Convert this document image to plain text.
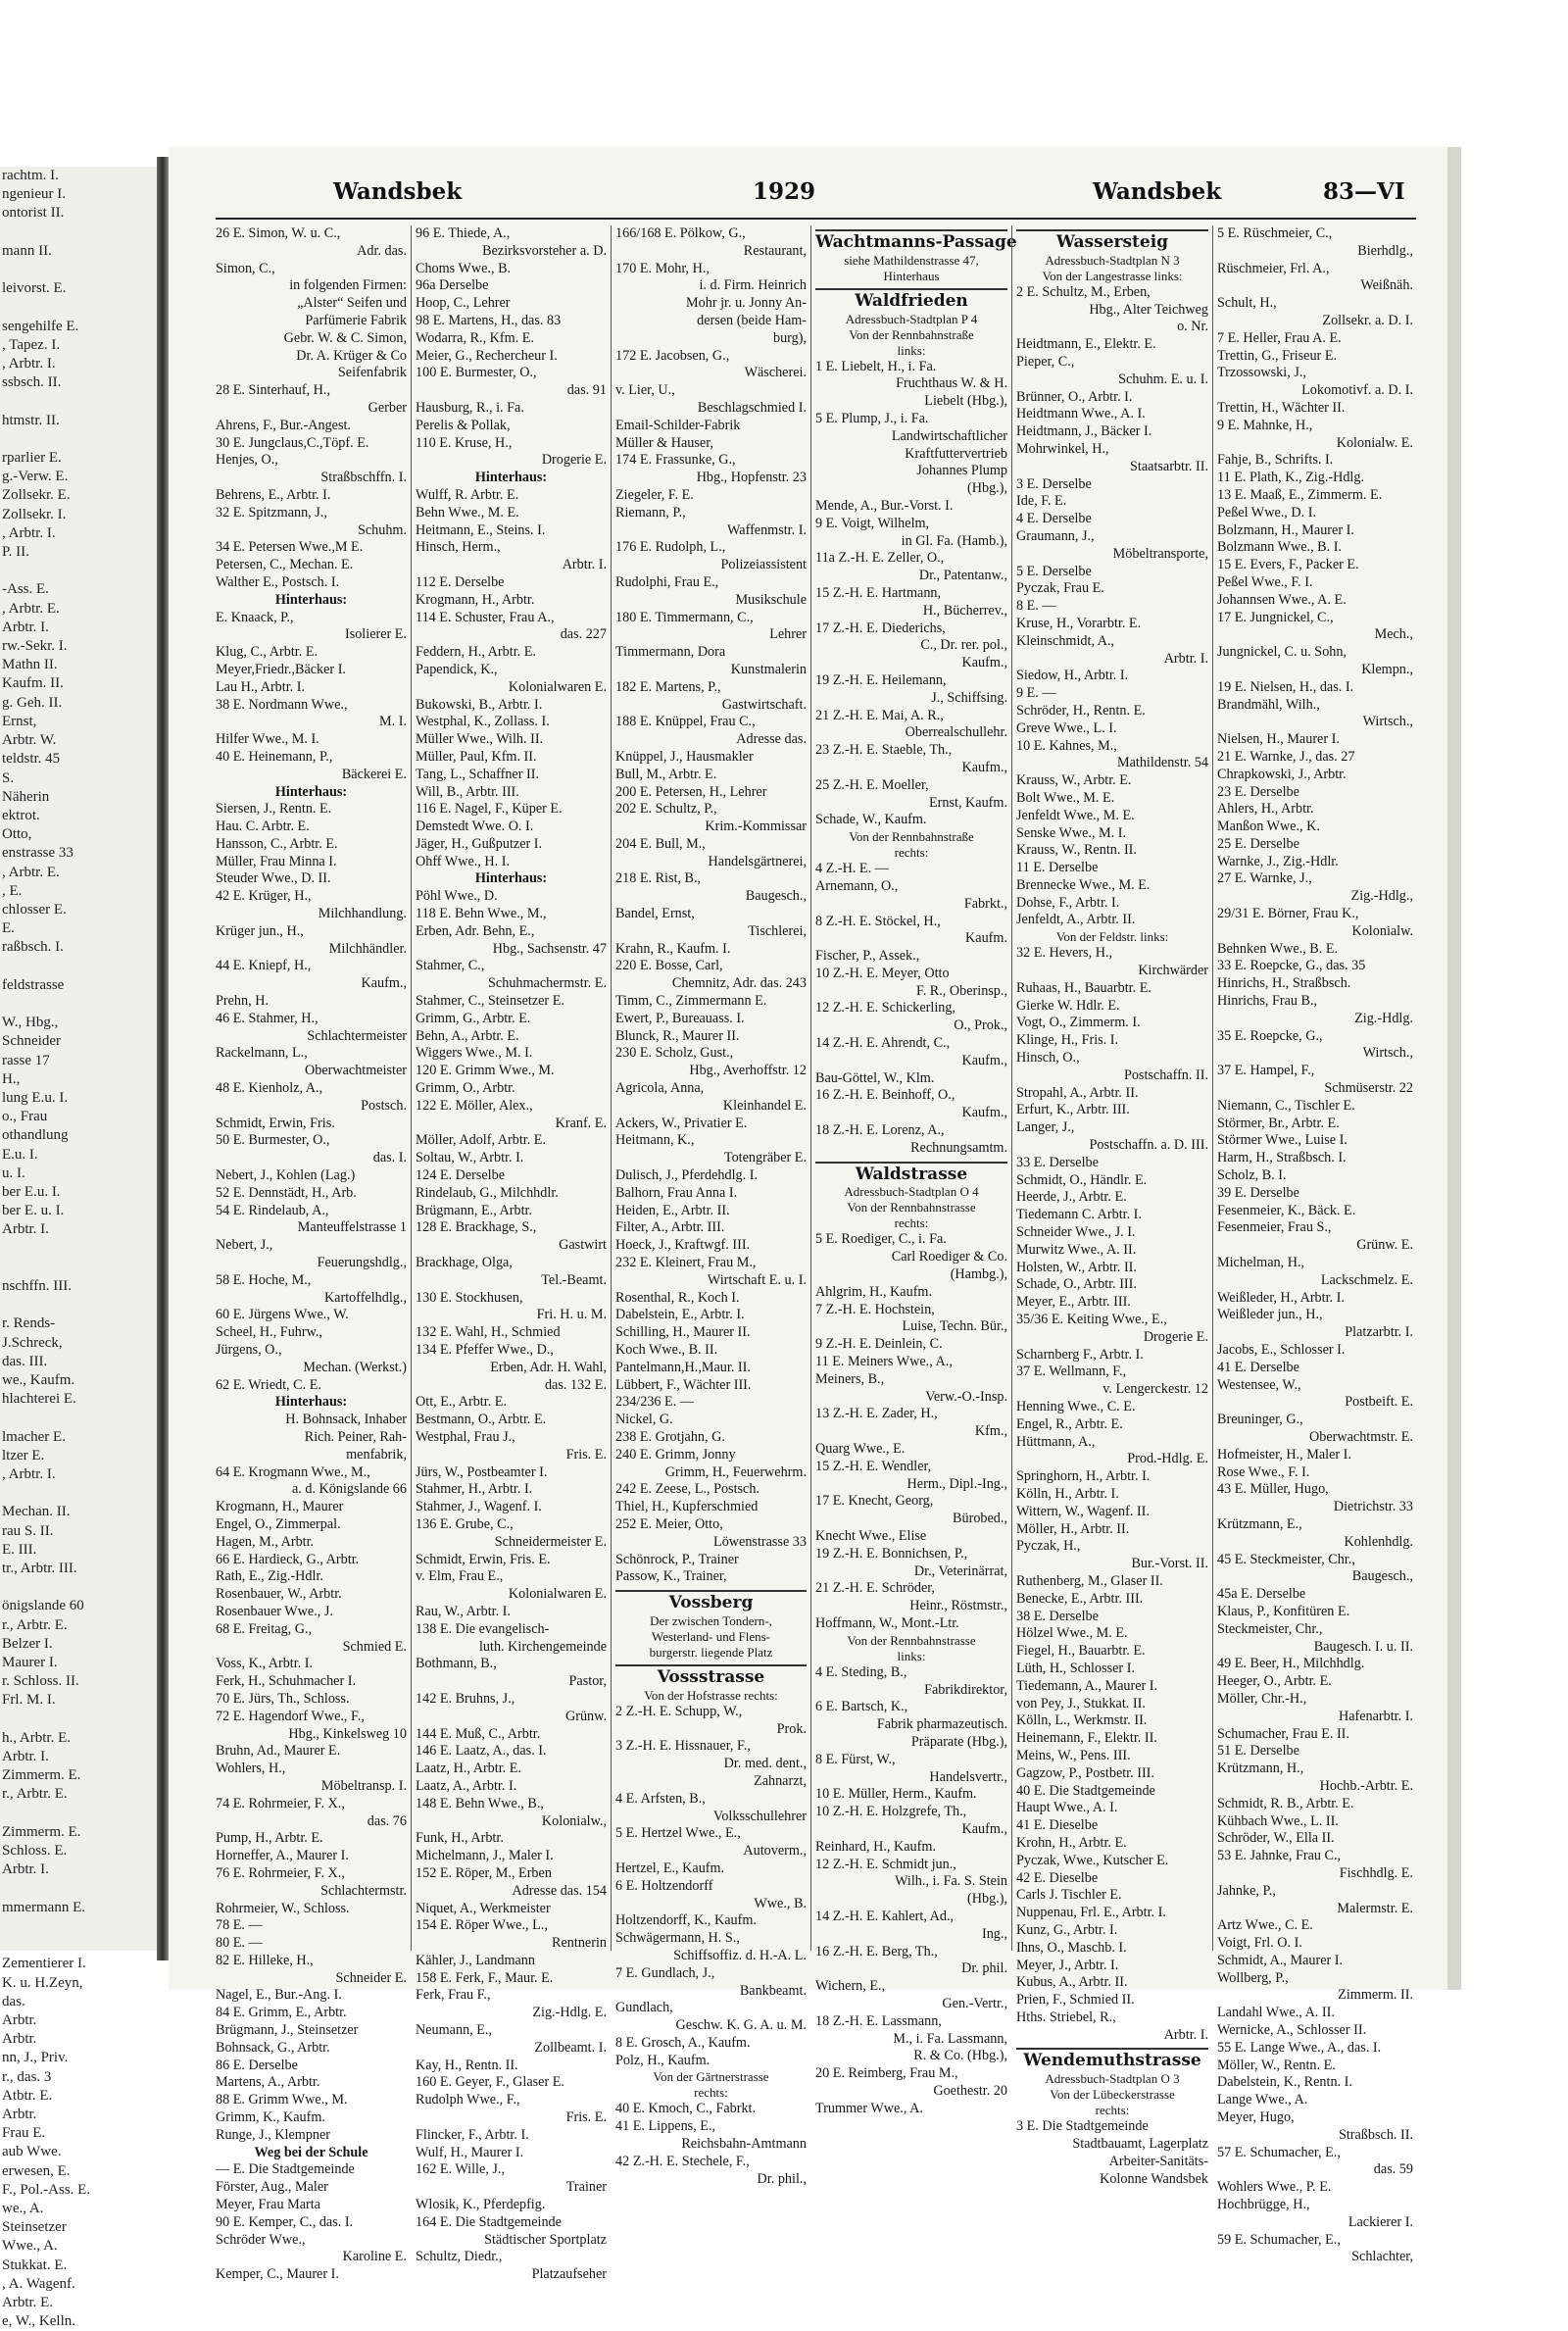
rachtm. I.
ngenieur I.
ontorist II.

mann II.

leivorst. E.

sengehilfe E.
, Tapez. I.
, Arbtr. I.
ssbsch. II.

htmstr. II.

rparlier E.
g.-Verw. E.
Zollsekr. E.
Zollsekr. I.
, Arbtr. I.
P. II.

-Ass. E.
, Arbtr. E.
Arbtr. I.
rw.-Sekr. I.
Mathn II.
Kaufm. II.
g. Geh. II.
Ernst,
Arbtr. W.
teldstr. 45
S.
Näherin
ektrot.
Otto,
enstrasse 33
, Arbtr. E.
, E.
chlosser E.
E.
raßbsch. I.

feldstrasse

W., Hbg.,
Schneider
rasse 17
H.,
lung E.u. I.
o., Frau
othandlung
E.u. I.
u. I.
ber E.u. I.
ber E. u. I.
Arbtr. I.

nschffn. III.

r. Rends-
J.Schreck,
das. III.
we., Kaufm.
hlachterei E.

lmacher E.
ltzer E.
, Arbtr. I.

Mechan. II.
rau S. II.
E. III.
tr., Arbtr. III.

önigslande 60
r., Arbtr. E.
Belzer I.
Maurer I.
r. Schloss. II.
Frl. M. I.

h., Arbtr. E.
Arbtr. I.
Zimmerm. E.
r., Arbtr. E.

Zimmerm. E.
Schloss. E.
Arbtr. I.

mmermann E.

Zementierer I.
K. u. H.Zeyn,
das.
Arbtr.
Arbtr.
nn, J., Priv.
r., das. 3
Atbtr. E.
Arbtr.
Frau E.
aub Wwe.
erwesen, E.
F., Pol.-Ass. E.
we., A.
Steinsetzer
Wwe., A.
Stukkat. E.
, A. Wagenf.
Arbtr. E.
e, W., Kelln.
Wandsbek	1929	Wandsbek	83—VI
26 E. Simon, W. u. C.,
Adr. das.
Simon, C.,
in folgenden Firmen:
„Alster“ Seifen und
Parfümerie Fabrik
Gebr. W. & C. Simon,
Dr. A. Krüger & Co
Seifenfabrik
28 E. Sinterhauf, H.,
Gerber
Ahrens, F., Bur.-Angest.
30 E. Jungclaus,C.,Töpf. E.
Henjes, O.,
Straßbschffn. I.
Behrens, E., Arbtr. I.
32 E. Spitzmann, J.,
Schuhm.
34 E. Petersen Wwe.,M E.
Petersen, C., Mechan. E.
Walther E., Postsch. I.
Hinterhaus:
E. Knaack, P.,
Isolierer E.
Klug, C., Arbtr. E.
Meyer,Friedr.,Bäcker I.
Lau H., Arbtr. I.
38 E. Nordmann Wwe.,
M. I.
Hilfer Wwe., M. I.
40 E. Heinemann, P.,
Bäckerei E.
Hinterhaus:
Siersen, J., Rentn. E.
Hau. C. Arbtr. E.
Hansson, C., Arbtr. E.
Müller, Frau Minna I.
Steuder Wwe., D. II.
42 E. Krüger, H.,
Milchhandlung.
Krüger jun., H.,
Milchhändler.
44 E. Kniepf, H.,
Kaufm.,
Prehn, H.
46 E. Stahmer, H.,
Schlachtermeister
Rackelmann, L.,
Oberwachtmeister
48 E. Kienholz, A.,
Postsch.
Schmidt, Erwin, Fris.
50 E. Burmester, O.,
das. I.
Nebert, J., Kohlen (Lag.)
52 E. Dennstädt, H., Arb.
54 E. Rindelaub, A.,
Manteuffelstrasse 1
Nebert, J.,
Feuerungshdlg.,
58 E. Hoche, M.,
Kartoffelhdlg.,
60 E. Jürgens Wwe., W.
Scheel, H., Fuhrw.,
Jürgens, O.,
Mechan. (Werkst.)
62 E. Wriedt, C. E.
Hinterhaus:
H. Bohnsack, Inhaber
Rich. Peiner, Rah-
menfabrik,
64 E. Krogmann Wwe., M.,
a. d. Königslande 66
Krogmann, H., Maurer
Engel, O., Zimmerpal.
Hagen, M., Arbtr.
66 E. Hardieck, G., Arbtr.
Rath, E., Zig.-Hdlr.
Rosenbauer, W., Arbtr.
Rosenbauer Wwe., J.
68 E. Freitag, G.,
Schmied E.
Voss, K., Arbtr. I.
Ferk, H., Schuhmacher I.
70 E. Jürs, Th., Schloss.
72 E. Hagendorf Wwe., F.,
Hbg., Kinkelsweg 10
Bruhn, Ad., Maurer E.
Wohlers, H.,
Möbeltransp. I.
74 E. Rohrmeier, F. X.,
das. 76
Pump, H., Arbtr. E.
Horneffer, A., Maurer I.
76 E. Rohrmeier, F. X.,
Schlachtermstr.
Rohrmeier, W., Schloss.
78 E. —
80 E. —
82 E. Hilleke, H.,
Schneider E.
Nagel, E., Bur.-Ang. I.
84 E. Grimm, E., Arbtr.
Brügmann, J., Steinsetzer
Bohnsack, G., Arbtr.
86 E. Derselbe
Martens, A., Arbtr.
88 E. Grimm Wwe., M.
Grimm, K., Kaufm.
Runge, J., Klempner
Weg bei der Schule
— E. Die Stadtgemeinde
Förster, Aug., Maler
Meyer, Frau Marta
90 E. Kemper, C., das. I.
Schröder Wwe.,
Karoline E.
Kemper, C., Maurer I.
96 E. Thiede, A.,
Bezirksvorsteher a. D.
Choms Wwe., B.
96a Derselbe
Hoop, C., Lehrer
98 E. Martens, H., das. 83
Wodarra, R., Kfm. E.
Meier, G., Rechercheur I.
100 E. Burmester, O.,
das. 91
Hausburg, R., i. Fa.
Perelis & Pollak,
110 E. Kruse, H.,
Drogerie E.
Hinterhaus:
Wulff, R. Arbtr. E.
Behn Wwe., M. E.
Heitmann, E., Steins. I.
Hinsch, Herm.,
Arbtr. I.
112 E. Derselbe
Krogmann, H., Arbtr.
114 E. Schuster, Frau A.,
das. 227
Feddern, H., Arbtr. E.
Papendick, K.,
Kolonialwaren E.
Bukowski, B., Arbtr. I.
Westphal, K., Zollass. I.
Müller Wwe., Wilh. II.
Müller, Paul, Kfm. II.
Tang, L., Schaffner II.
Will, B., Arbtr. III.
116 E. Nagel, F., Küper E.
Demstedt Wwe. O. I.
Jäger, H., Gußputzer I.
Ohff Wwe., H. I.
Hinterhaus:
Pöhl Wwe., D.
118 E. Behn Wwe., M.,
Erben, Adr. Behn, E.,
Hbg., Sachsenstr. 47
Stahmer, C.,
Schuhmachermstr. E.
Stahmer, C., Steinsetzer E.
Grimm, G., Arbtr. E.
Behn, A., Arbtr. E.
Wiggers Wwe., M. I.
120 E. Grimm Wwe., M.
Grimm, O., Arbtr.
122 E. Möller, Alex.,
Kranf. E.
Möller, Adolf, Arbtr. E.
Soltau, W., Arbtr. I.
124 E. Derselbe
Rindelaub, G., Milchhdlr.
Brügmann, E., Arbtr.
128 E. Brackhage, S.,
Gastwirt
Brackhage, Olga,
Tel.-Beamt.
130 E. Stockhusen,
Fri. H. u. M.
132 E. Wahl, H., Schmied
134 E. Pfeffer Wwe., D.,
Erben, Adr. H. Wahl,
das. 132 E.
Ott, E., Arbtr. E.
Bestmann, O., Arbtr. E.
Westphal, Frau J.,
Fris. E.
Jürs, W., Postbeamter I.
Stahmer, H., Arbtr. I.
Stahmer, J., Wagenf. I.
136 E. Grube, C.,
Schneidermeister E.
Schmidt, Erwin, Fris. E.
v. Elm, Frau E.,
Kolonialwaren E.
Rau, W., Arbtr. I.
138 E. Die evangelisch-
luth. Kirchengemeinde
Bothmann, B.,
Pastor,
142 E. Bruhns, J.,
Grünw.
144 E. Muß, C., Arbtr.
146 E. Laatz, A., das. I.
Laatz, H., Arbtr. E.
Laatz, A., Arbtr. I.
148 E. Behn Wwe., B.,
Kolonialw.,
Funk, H., Arbtr.
Michelmann, J., Maler I.
152 E. Röper, M., Erben
Adresse das. 154
Niquet, A., Werkmeister
154 E. Röper Wwe., L.,
Rentnerin
Kähler, J., Landmann
158 E. Ferk, F., Maur. E.
Ferk, Frau F.,
Zig.-Hdlg. E.
Neumann, E.,
Zollbeamt. I.
Kay, H., Rentn. II.
160 E. Geyer, F., Glaser E.
Rudolph Wwe., F.,
Fris. E.
Flincker, F., Arbtr. I.
Wulf, H., Maurer I.
162 E. Wille, J.,
Trainer
Wlosik, K., Pferdepfig.
164 E. Die Stadtgemeinde
Städtischer Sportplatz
Schultz, Diedr.,
Platzaufseher
166/168 E. Pölkow, G.,
Restaurant,
170 E. Mohr, H.,
i. d. Firm. Heinrich
Mohr jr. u. Jonny An-
dersen (beide Ham-
burg),
172 E. Jacobsen, G.,
Wäscherei.
v. Lier, U.,
Beschlagschmied I.
Email-Schilder-Fabrik
Müller & Hauser,
174 E. Frassunke, G.,
Hbg., Hopfenstr. 23
Ziegeler, F. E.
Riemann, P.,
Waffenmstr. I.
176 E. Rudolph, L.,
Polizeiassistent
Rudolphi, Frau E.,
Musikschule
180 E. Timmermann, C.,
Lehrer
Timmermann, Dora
Kunstmalerin
182 E. Martens, P.,
Gastwirtschaft.
188 E. Knüppel, Frau C.,
Adresse das.
Knüppel, J., Hausmakler
Bull, M., Arbtr. E.
200 E. Petersen, H., Lehrer
202 E. Schultz, P.,
Krim.-Kommissar
204 E. Bull, M.,
Handelsgärtnerei,
218 E. Rist, B.,
Baugesch.,
Bandel, Ernst,
Tischlerei,
Krahn, R., Kaufm. I.
220 E. Bosse, Carl,
Chemnitz, Adr. das. 243
Timm, C., Zimmermann E.
Ewert, P., Bureauass. I.
Blunck, R., Maurer II.
230 E. Scholz, Gust.,
Hbg., Averhoffstr. 12
Agricola, Anna,
Kleinhandel E.
Ackers, W., Privatier E.
Heitmann, K.,
Totengräber E.
Dulisch, J., Pferdehdlg. I.
Balhorn, Frau Anna I.
Heiden, E., Arbtr. II.
Filter, A., Arbtr. III.
Hoeck, J., Kraftwgf. III.
232 E. Kleinert, Frau M.,
Wirtschaft E. u. I.
Rosenthal, R., Koch I.
Dabelstein, E., Arbtr. I.
Schilling, H., Maurer II.
Koch Wwe., B. II.
Pantelmann,H.,Maur. II.
Lübbert, F., Wächter III.
234/236 E. —
Nickel, G.
238 E. Grotjahn, G.
240 E. Grimm, Jonny
Grimm, H., Feuerwehrm.
242 E. Zeese, L., Postsch.
Thiel, H., Kupferschmied
252 E. Meier, Otto,
Löwenstrasse 33
Schönrock, P., Trainer
Passow, K., Trainer,
Vossberg
Der zwischen Tondern-,
Westerland- und Flens-
burgerstr. liegende Platz
Vossstrasse
Von der Hofstrasse rechts:
2 Z.-H. E. Schupp, W.,
Prok.
3 Z.-H. E. Hissnauer, F.,
Dr. med. dent.,
Zahnarzt,
4 E. Arfsten, B.,
Volksschullehrer
5 E. Hertzel Wwe., E.,
Autoverm.,
Hertzel, E., Kaufm.
6 E. Holtzendorff
Wwe., B.
Holtzendorff, K., Kaufm.
Schwägermann, H. S.,
Schiffsoffiz. d. H.-A. L.
7 E. Gundlach, J.,
Bankbeamt.
Gundlach,
Geschw. K. G. A. u. M.
8 E. Grosch, A., Kaufm.
Polz, H., Kaufm.
Von der Gärtnerstrasse
rechts:
40 E. Kmoch, C., Fabrkt.
41 E. Lippens, E.,
Reichsbahn-Amtmann
42 Z.-H. E. Stechele, F.,
Dr. phil.,
Wachtmanns-Passage
siehe Mathildenstrasse 47,
Hinterhaus
Waldfrieden
Adressbuch-Stadtplan P 4
Von der Rennbahnstraße
links:
1 E. Liebelt, H., i. Fa.
Fruchthaus W. & H.
Liebelt (Hbg.),
5 E. Plump, J., i. Fa.
Landwirtschaftlicher
Kraftfuttervertrieb
Johannes Plump
(Hbg.),
Mende, A., Bur.-Vorst. I.
9 E. Voigt, Wilhelm,
in Gl. Fa. (Hamb.),
11a Z.-H. E. Zeller, O.,
Dr., Patentanw.,
15 Z.-H. E. Hartmann,
H., Bücherrev.,
17 Z.-H. E. Diederichs,
C., Dr. rer. pol.,
Kaufm.,
19 Z.-H. E. Heilemann,
J., Schiffsing.
21 Z.-H. E. Mai, A. R.,
Oberrealschullehr.
23 Z.-H. E. Staeble, Th.,
Kaufm.,
25 Z.-H. E. Moeller,
Ernst, Kaufm.
Schade, W., Kaufm.
Von der Rennbahnstraße
rechts:
4 Z.-H. E. —
Arnemann, O.,
Fabrkt.,
8 Z.-H. E. Stöckel, H.,
Kaufm.
Fischer, P., Assek.,
10 Z.-H. E. Meyer, Otto
F. R., Oberinsp.,
12 Z.-H. E. Schickerling,
O., Prok.,
14 Z.-H. E. Ahrendt, C.,
Kaufm.,
Bau-Göttel, W., Klm.
16 Z.-H. E. Beinhoff, O.,
Kaufm.,
18 Z.-H. E. Lorenz, A.,
Rechnungsamtm.
Waldstrasse
Adressbuch-Stadtplan O 4
Von der Rennbahnstrasse
rechts:
5 E. Roediger, C., i. Fa.
Carl Roediger & Co.
(Hambg.),
Ahlgrim, H., Kaufm.
7 Z.-H. E. Hochstein,
Luise, Techn. Bür.,
9 Z.-H. E. Deinlein, C.
11 E. Meiners Wwe., A.,
Meiners, B.,
Verw.-O.-Insp.
13 Z.-H. E. Zader, H.,
Kfm.,
Quarg Wwe., E.
15 Z.-H. E. Wendler,
Herm., Dipl.-Ing.,
17 E. Knecht, Georg,
Bürobed.,
Knecht Wwe., Elise
19 Z.-H. E. Bonnichsen, P.,
Dr., Veterinärrat,
21 Z.-H. E. Schröder,
Heinr., Röstmstr.,
Hoffmann, W., Mont.-Ltr.
Von der Rennbahnstrasse
links:
4 E. Steding, B.,
Fabrikdirektor,
6 E. Bartsch, K.,
Fabrik pharmazeutisch.
Präparate (Hbg.),
8 E. Fürst, W.,
Handelsvertr.,
10 E. Müller, Herm., Kaufm.
10 Z.-H. E. Holzgrefe, Th.,
Kaufm.,
Reinhard, H., Kaufm.
12 Z.-H. E. Schmidt jun.,
Wilh., i. Fa. S. Stein
(Hbg.),
14 Z.-H. E. Kahlert, Ad.,
Ing.,
16 Z.-H. E. Berg, Th.,
Dr. phil.
Wichern, E.,
Gen.-Vertr.,
18 Z.-H. E. Lassmann,
M., i. Fa. Lassmann,
R. & Co. (Hbg.),
20 E. Reimberg, Frau M.,
Goethestr. 20
Trummer Wwe., A.
Wassersteig
Adressbuch-Stadtplan N 3
Von der Langestrasse links:
2 E. Schultz, M., Erben,
Hbg., Alter Teichweg
o. Nr.
Heidtmann, E., Elektr. E.
Pieper, C.,
Schuhm. E. u. I.
Brünner, O., Arbtr. I.
Heidtmann Wwe., A. I.
Heidtmann, J., Bäcker I.
Mohrwinkel, H.,
Staatsarbtr. II.
3 E. Derselbe
Ide, F. E.
4 E. Derselbe
Graumann, J.,
Möbeltransporte,
5 E. Derselbe
Pyczak, Frau E.
8 E. —
Kruse, H., Vorarbtr. E.
Kleinschmidt, A.,
Arbtr. I.
Siedow, H., Arbtr. I.
9 E. —
Schröder, H., Rentn. E.
Greve Wwe., L. I.
10 E. Kahnes, M.,
Mathildenstr. 54
Krauss, W., Arbtr. E.
Bolt Wwe., M. E.
Jenfeldt Wwe., M. E.
Senske Wwe., M. I.
Krauss, W., Rentn. II.
11 E. Derselbe
Brennecke Wwe., M. E.
Dohse, F., Arbtr. I.
Jenfeldt, A., Arbtr. II.
Von der Feldstr. links:
32 E. Hevers, H.,
Kirchwärder
Ruhaas, H., Bauarbtr. E.
Gierke W. Hdlr. E.
Vogt, O., Zimmerm. I.
Klinge, H., Fris. I.
Hinsch, O.,
Postschaffn. II.
Stropahl, A., Arbtr. II.
Erfurt, K., Arbtr. III.
Langer, J.,
Postschaffn. a. D. III.
33 E. Derselbe
Schmidt, O., Händlr. E.
Heerde, J., Arbtr. E.
Tiedemann C. Arbtr. I.
Schneider Wwe., J. I.
Murwitz Wwe., A. II.
Holsten, W., Arbtr. II.
Schade, O., Arbtr. III.
Meyer, E., Arbtr. III.
35/36 E. Keiting Wwe., E.,
Drogerie E.
Scharnberg F., Arbtr. I.
37 E. Wellmann, F.,
v. Lengerckestr. 12
Henning Wwe., C. E.
Engel, R., Arbtr. E.
Hüttmann, A.,
Prod.-Hdlg. E.
Springhorn, H., Arbtr. I.
Kölln, H., Arbtr. I.
Wittern, W., Wagenf. II.
Möller, H., Arbtr. II.
Pyczak, H.,
Bur.-Vorst. II.
Ruthenberg, M., Glaser II.
Benecke, E., Arbtr. III.
38 E. Derselbe
Hölzel Wwe., M. E.
Fiegel, H., Bauarbtr. E.
Lüth, H., Schlosser I.
Tiedemann, A., Maurer I.
von Pey, J., Stukkat. II.
Kölln, L., Werkmstr. II.
Heinemann, F., Elektr. II.
Meins, W., Pens. III.
Gagzow, P., Postbetr. III.
40 E. Die Stadtgemeinde
Haupt Wwe., A. I.
41 E. Dieselbe
Krohn, H., Arbtr. E.
Pyczak, Wwe., Kutscher E.
42 E. Dieselbe
Carls J. Tischler E.
Nuppenau, Frl. E., Arbtr. I.
Kunz, G., Arbtr. I.
Ihns, O., Maschb. I.
Meyer, J., Arbtr. I.
Kubus, A., Arbtr. II.
Prien, F., Schmied II.
Hths. Striebel, R.,
Arbtr. I.
Wendemuthstrasse
Adressbuch-Stadtplan O 3
Von der Lübeckerstrasse
rechts:
3 E. Die Stadtgemeinde
Stadtbauamt, Lagerplatz
Arbeiter-Sanitäts-
Kolonne Wandsbek
5 E. Rüschmeier, C.,
Bierhdlg.,
Rüschmeier, Frl. A.,
Weißnäh.
Schult, H.,
Zollsekr. a. D. I.
7 E. Heller, Frau A. E.
Trettin, G., Friseur E.
Trzossowski, J.,
Lokomotivf. a. D. I.
Trettin, H., Wächter II.
9 E. Mahnke, H.,
Kolonialw. E.
Fahje, B., Schrifts. I.
11 E. Plath, K., Zig.-Hdlg.
13 E. Maaß, E., Zimmerm. E.
Peßel Wwe., D. I.
Bolzmann, H., Maurer I.
Bolzmann Wwe., B. I.
15 E. Evers, F., Packer E.
Peßel Wwe., F. I.
Johannsen Wwe., A. E.
17 E. Jungnickel, C.,
Mech.,
Jungnickel, C. u. Sohn,
Klempn.,
19 E. Nielsen, H., das. I.
Brandmähl, Wilh.,
Wirtsch.,
Nielsen, H., Maurer I.
21 E. Warnke, J., das. 27
Chrapkowski, J., Arbtr.
23 E. Derselbe
Ahlers, H., Arbtr.
Manßon Wwe., K.
25 E. Derselbe
Warnke, J., Zig.-Hdlr.
27 E. Warnke, J.,
Zig.-Hdlg.,
29/31 E. Börner, Frau K.,
Kolonialw.
Behnken Wwe., B. E.
33 E. Roepcke, G., das. 35
Hinrichs, H., Straßbsch.
Hinrichs, Frau B.,
Zig.-Hdlg.
35 E. Roepcke, G.,
Wirtsch.,
37 E. Hampel, F.,
Schmüserstr. 22
Niemann, C., Tischler E.
Störmer, Br., Arbtr. E.
Störmer Wwe., Luise I.
Harm, H., Straßbsch. I.
Scholz, B. I.
39 E. Derselbe
Fesenmeier, K., Bäck. E.
Fesenmeier, Frau S.,
Grünw. E.
Michelman, H.,
Lackschmelz. E.
Weißleder, H., Arbtr. I.
Weißleder jun., H.,
Platzarbtr. I.
Jacobs, E., Schlosser I.
41 E. Derselbe
Westensee, W.,
Postbeift. E.
Breuninger, G.,
Oberwachtmstr. E.
Hofmeister, H., Maler I.
Rose Wwe., F. I.
43 E. Müller, Hugo,
Dietrichstr. 33
Krützmann, E.,
Kohlenhdlg.
45 E. Steckmeister, Chr.,
Baugesch.,
45a E. Derselbe
Klaus, P., Konfitüren E.
Steckmeister, Chr.,
Baugesch. I. u. II.
49 E. Beer, H., Milchhdlg.
Heeger, O., Arbtr. E.
Möller, Chr.-H.,
Hafenarbtr. I.
Schumacher, Frau E. II.
51 E. Derselbe
Krützmann, H.,
Hochb.-Arbtr. E.
Schmidt, R. B., Arbtr. E.
Kühbach Wwe., L. II.
Schröder, W., Ella II.
53 E. Jahnke, Frau C.,
Fischhdlg. E.
Jahnke, P.,
Malermstr. E.
Artz Wwe., C. E.
Voigt, Frl. O. I.
Schmidt, A., Maurer I.
Wollberg, P.,
Zimmerm. II.
Landahl Wwe., A. II.
Wernicke, A., Schlosser II.
55 E. Lange Wwe., A., das. I.
Möller, W., Rentn. E.
Dabelstein, K., Rentn. I.
Lange Wwe., A.
Meyer, Hugo,
Straßbsch. II.
57 E. Schumacher, E.,
das. 59
Wohlers Wwe., P. E.
Hochbrügge, H.,
Lackierer I.
59 E. Schumacher, E.,
Schlachter,
